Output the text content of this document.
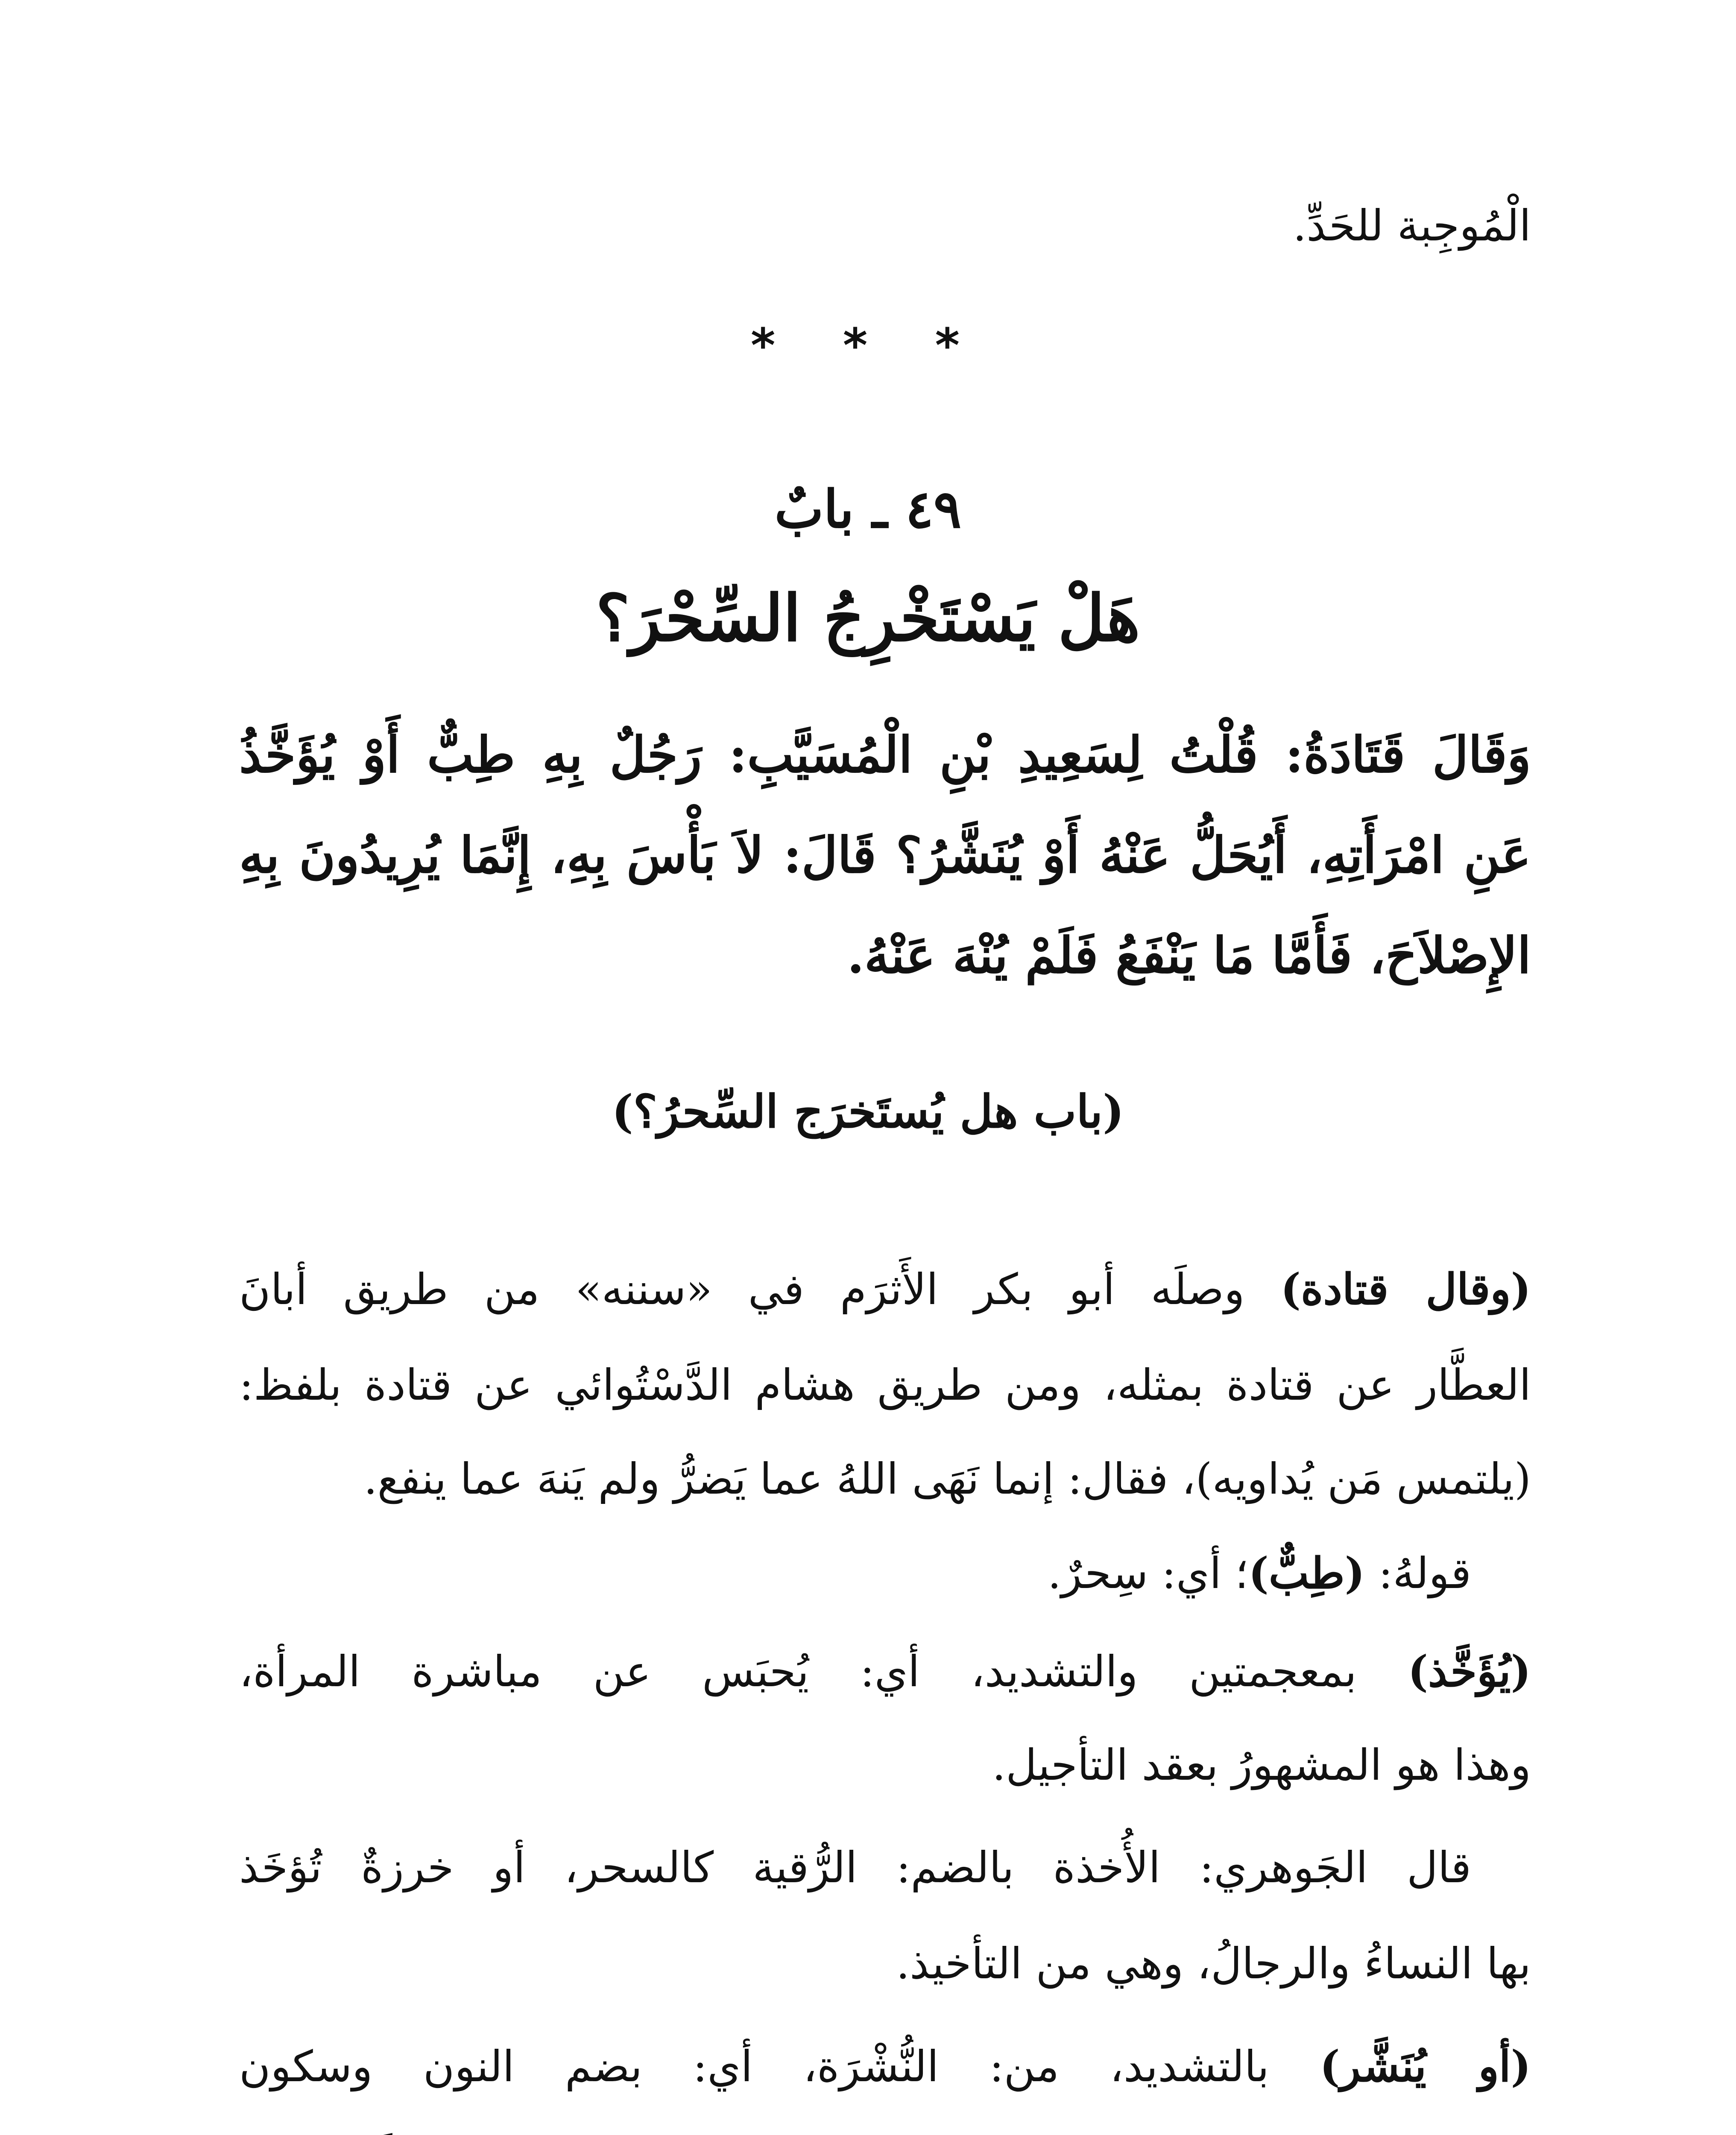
الْمُوجِبة للحَدِّ.
* * *
٤٩ ـ بابٌ
هَلْ يَسْتَخْرِجُ السِّحْرَ؟
وَقَالَ قَتَادَةُ: قُلْتُ لِسَعِيدِ بْنِ الْمُسَيَّبِ: رَجُلٌ بِهِ طِبٌّ أَوْ يُؤَخَّذُ
عَنِ امْرَأَتِهِ، أَيُحَلُّ عَنْهُ أَوْ يُنَشَّرُ؟ قَالَ: لاَ بَأْسَ بِهِ، إِنَّمَا يُرِيدُونَ بِهِ
الإِصْلاَحَ، فَأَمَّا مَا يَنْفَعُ فَلَمْ يُنْهَ عَنْهُ.
(باب هل يُستَخرَج السِّحرُ؟)
(وقال قتادة) وصلَه أبو بكر الأَثرَم في «سننه» من طريق أبانَ
العطَّار عن قتادة بمثله، ومن طريق هشام الدَّسْتُوائي عن قتادة بلفظ:
(يلتمس مَن يُداويه)، فقال: إنما نَهَى اللهُ عما يَضرُّ ولم يَنهَ عما ينفع.
قولهُ: (طِبٌّ)؛ أي: سِحرٌ.
(يُؤَخَّذ) بمعجمتين والتشديد، أي: يُحبَس عن مباشرة المرأة،
وهذا هو المشهورُ بعقد التأجيل.
قال الجَوهري: الأُخذة بالضم: الرُّقية كالسحر، أو خرزةٌ تُؤخَذ
بها النساءُ والرجالُ، وهي من التأخيذ.
(أو يُنَشَّر) بالتشديد، من: النُّشْرَة، أي: بضم النون وسكون
